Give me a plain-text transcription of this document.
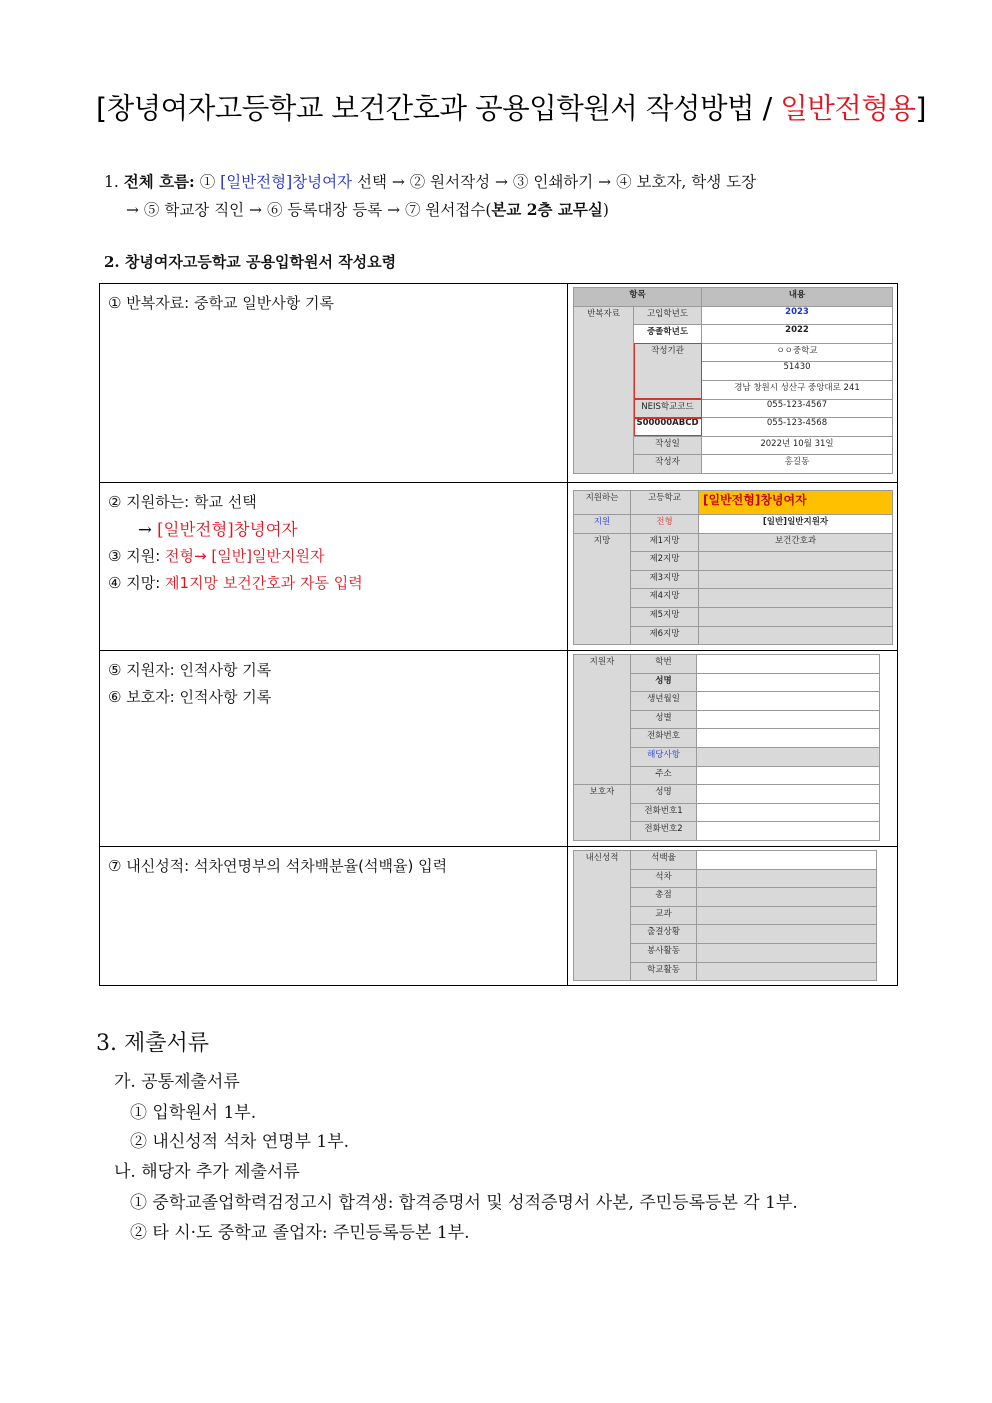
[창녕여자고등학교 보건간호과 공용입학원서 작성방법 / 일반전형용]
1. 전체 흐름: ① [일반전형]창녕여자 선택 → ② 원서작성 → ③ 인쇄하기 → ④ 보호자, 학생 도장
→ ⑤ 학교장 직인 → ⑥ 등록대장 등록 → ⑦ 원서접수(본교 2층 교무실)
2. 창녕여자고등학교 공용입학원서 작성요령
① 반복자료: 중학교 일반사항 기록
		항목	내용
반복자료	고입학년도	2023
중졸학년도	2022
작성기관	ㅇㅇ중학교
51430
경남 창원시 성산구 중앙대로 241
NEIS학교코드	055-123-4567
S00000ABCD	055-123-4568
작성일	2022년 10월 31일
작성자	홍길동

② 지원하는: 학교 선택
→ [일반전형]창녕여자
③ 지원: 전형→ [일반]일반지원자
④ 지망: 제1지망 보건간호과 자동 입력

지원하는	고등학교	[일반전형]창녕여자
지원	전형	[일반]일반지원자
지망	제1지망	보건간호과
제2지망	
제3지망	
제4지망	
제5지망	
제6지망	

⑤ 지원자: 인적사항 기록
⑥ 보호자: 인적사항 기록

지원자	학번	
성명	
생년월일	
성별	
전화번호	
해당사항	
주소	
보호자	성명	
전화번호1	
전화번호2	

⑦ 내신성적: 석차연명부의 석차백분율(석백율) 입력
		내신성적	석백율	
석차	
총점	
교과	
출결상황	
봉사활동	
학교활동	
3. 제출서류
가. 공통제출서류
① 입학원서 1부.
② 내신성적 석차 연명부 1부.
나. 해당자 추가 제출서류
① 중학교졸업학력검정고시 합격생: 합격증명서 및 성적증명서 사본, 주민등록등본 각 1부.
② 타 시·도 중학교 졸업자: 주민등록등본 1부.
